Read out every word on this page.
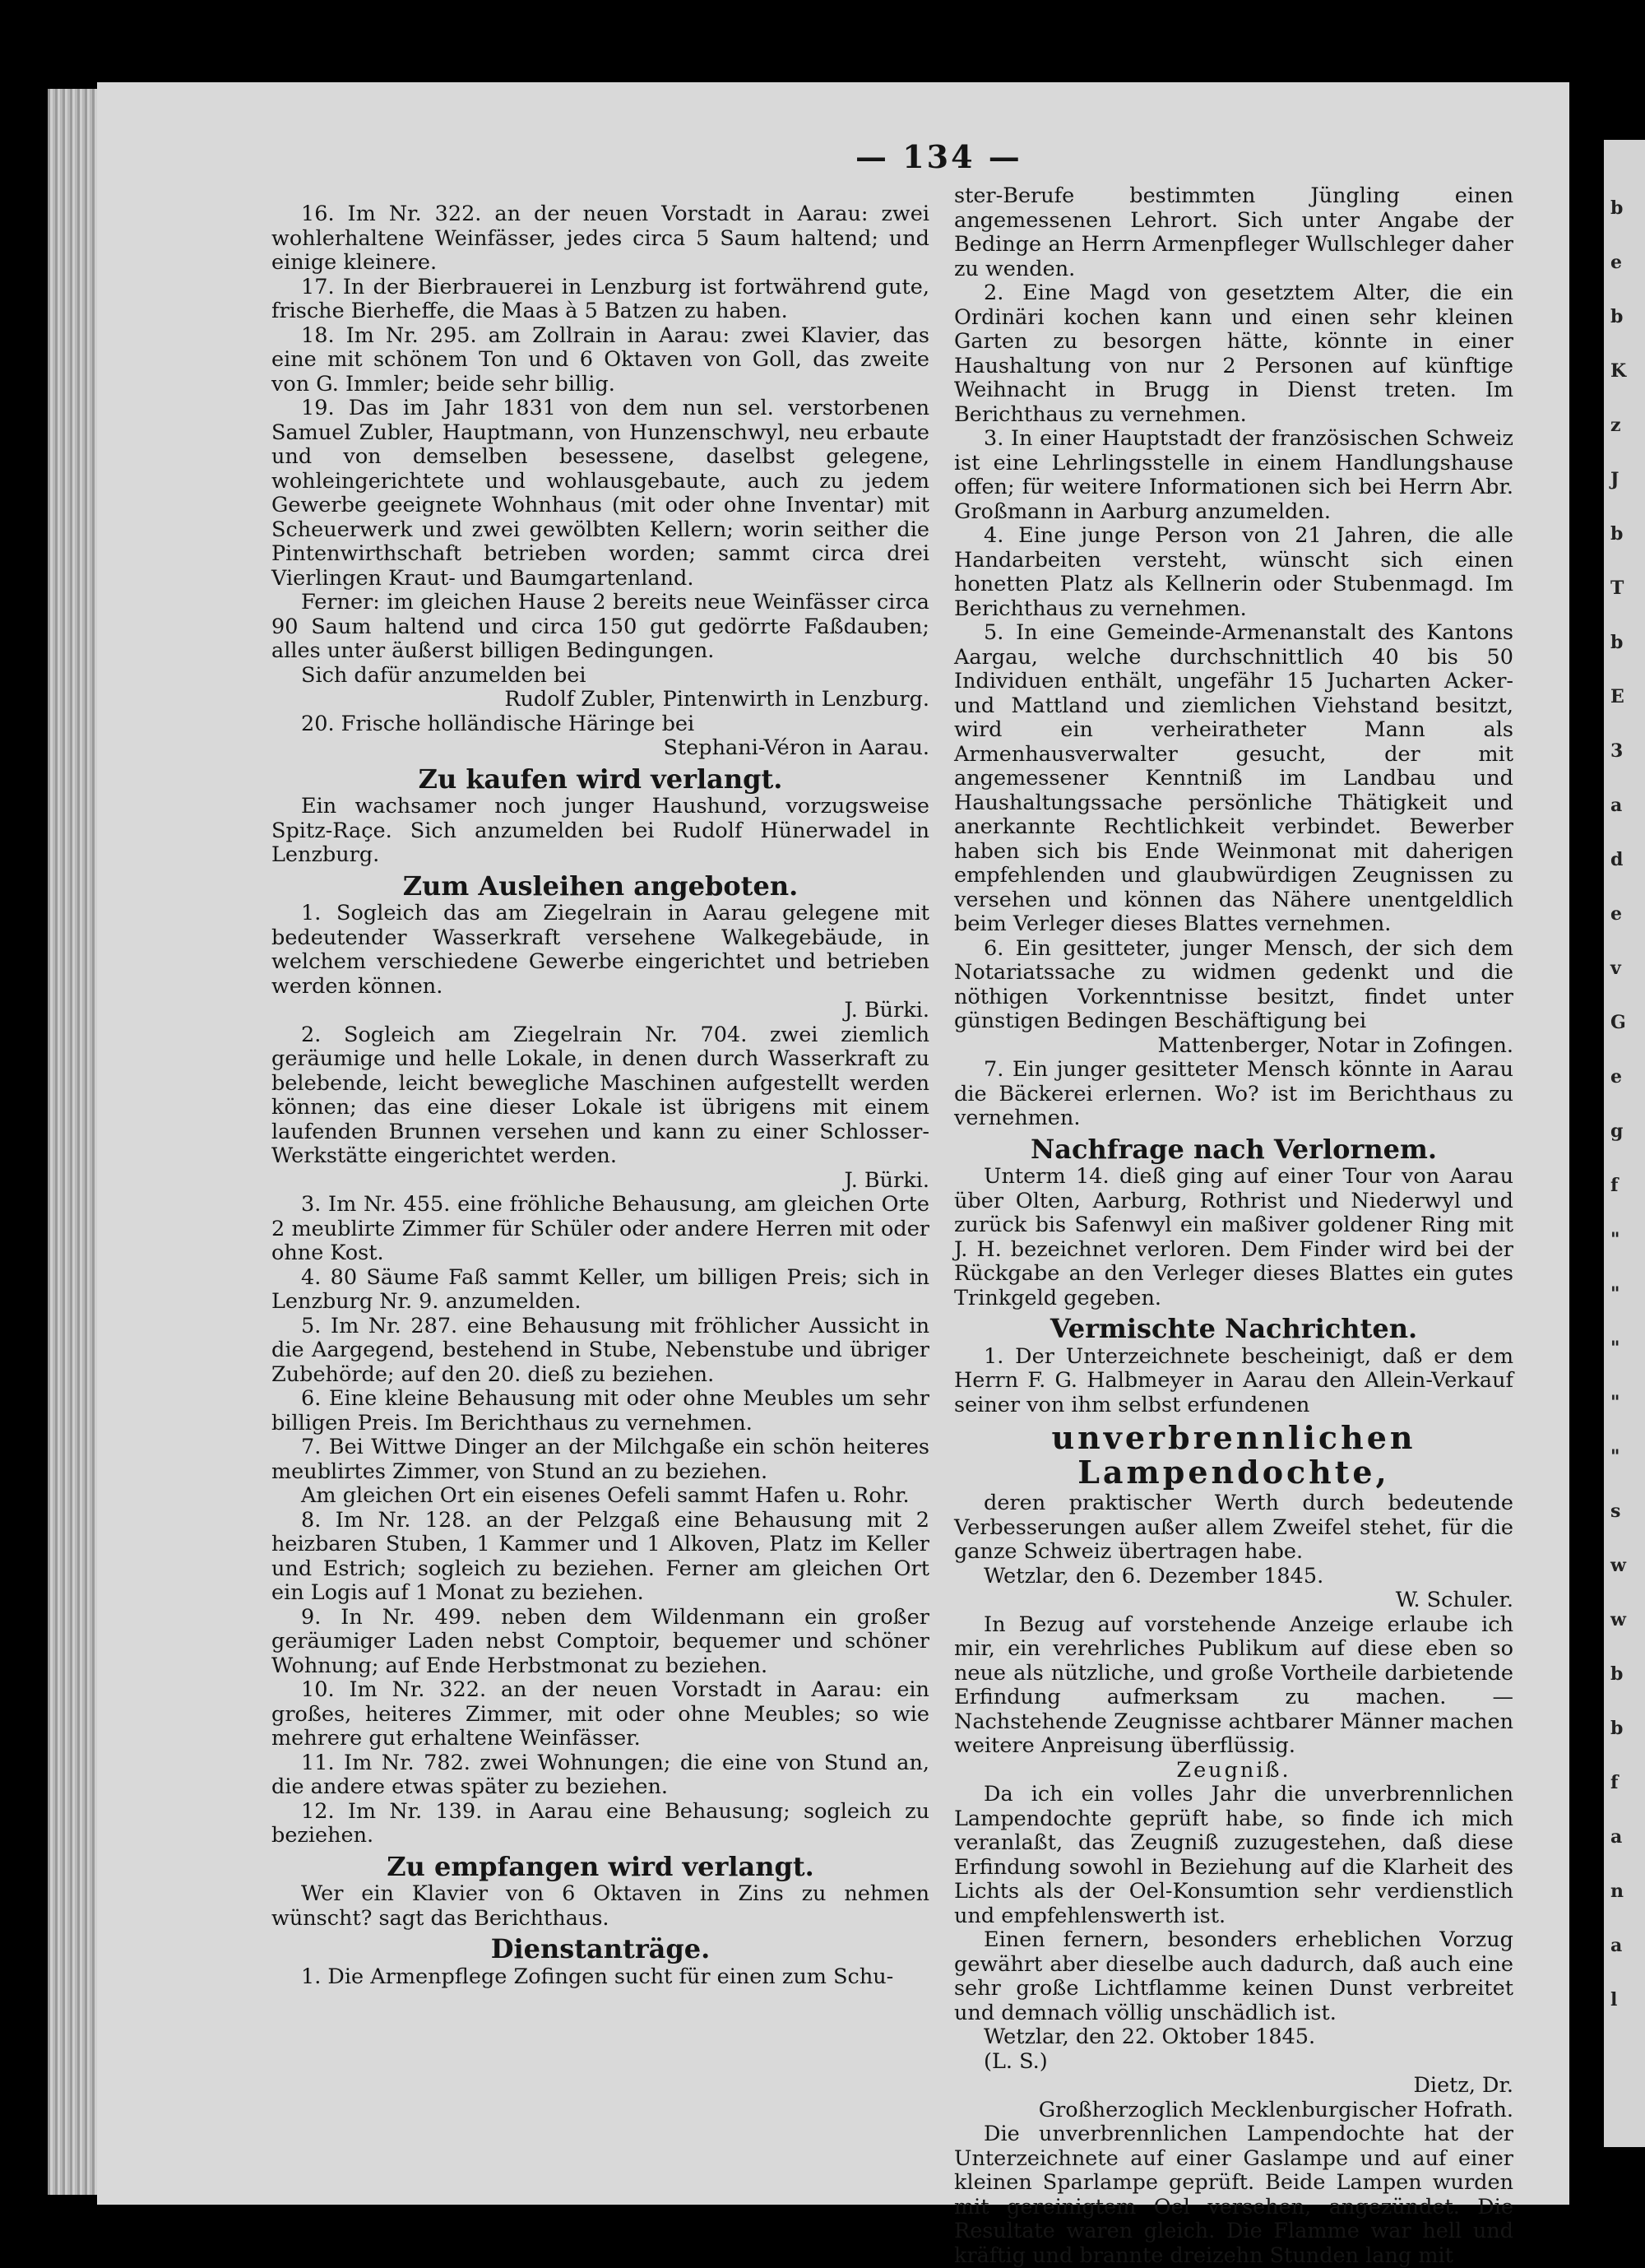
b
e
b
K
z
J
b
T
b
E
3
a
d
e
v
G
e
g
f
"
"
"
"
"
s
w
w
b
b
f
a
n
a
l
— 134 —

16. Im Nr. 322. an der neuen Vorstadt in Aarau: zwei wohlerhaltene Weinfässer, jedes circa 5 Saum haltend; und einige kleinere.

17. In der Bierbrauerei in Lenzburg ist fortwährend gute, frische Bierheffe, die Maas à 5 Batzen zu haben.

18. Im Nr. 295. am Zollrain in Aarau: zwei Klavier, das eine mit schönem Ton und 6 Oktaven von Goll, das zweite von G. Immler; beide sehr billig.

19. Das im Jahr 1831 von dem nun sel. verstorbenen Samuel Zubler, Hauptmann, von Hunzenschwyl, neu erbaute und von demselben besessene, daselbst gelegene, wohleingerichtete und wohlausgebaute, auch zu jedem Gewerbe geeignete Wohnhaus (mit oder ohne Inventar) mit Scheuerwerk und zwei gewölbten Kellern; worin seither die Pintenwirthschaft betrieben worden; sammt circa drei Vierlingen Kraut- und Baumgartenland.

Ferner: im gleichen Hause 2 bereits neue Weinfässer circa 90 Saum haltend und circa 150 gut gedörrte Faßdauben; alles unter äußerst billigen Bedingungen.

Sich dafür anzumelden bei

Rudolf Zubler, Pintenwirth in Lenzburg.

20. Frische holländische Häringe bei

Stephani-Véron in Aarau.

Zu kaufen wird verlangt.

Ein wachsamer noch junger Haushund, vorzugsweise Spitz-Raçe. Sich anzumelden bei Rudolf Hünerwadel in Lenzburg.

Zum Ausleihen angeboten.

1. Sogleich das am Ziegelrain in Aarau gelegene mit bedeutender Wasserkraft versehene Walkegebäude, in welchem verschiedene Gewerbe eingerichtet und betrieben werden können.

J. Bürki.

2. Sogleich am Ziegelrain Nr. 704. zwei ziemlich geräumige und helle Lokale, in denen durch Wasserkraft zu belebende, leicht bewegliche Maschinen aufgestellt werden können; das eine dieser Lokale ist übrigens mit einem laufenden Brunnen versehen und kann zu einer Schlosser-Werkstätte eingerichtet werden.

J. Bürki.

3. Im Nr. 455. eine fröhliche Behausung, am gleichen Orte 2 meublirte Zimmer für Schüler oder andere Herren mit oder ohne Kost.

4. 80 Säume Faß sammt Keller, um billigen Preis; sich in Lenzburg Nr. 9. anzumelden.

5. Im Nr. 287. eine Behausung mit fröhlicher Aussicht in die Aargegend, bestehend in Stube, Nebenstube und übriger Zubehörde; auf den 20. dieß zu beziehen.

6. Eine kleine Behausung mit oder ohne Meubles um sehr billigen Preis. Im Berichthaus zu vernehmen.

7. Bei Wittwe Dinger an der Milchgaße ein schön heiteres meublirtes Zimmer, von Stund an zu beziehen.

Am gleichen Ort ein eisenes Oefeli sammt Hafen u. Rohr.

8. Im Nr. 128. an der Pelzgaß eine Behausung mit 2 heizbaren Stuben, 1 Kammer und 1 Alkoven, Platz im Keller und Estrich; sogleich zu beziehen. Ferner am gleichen Ort ein Logis auf 1 Monat zu beziehen.

9. In Nr. 499. neben dem Wildenmann ein großer geräumiger Laden nebst Comptoir, bequemer und schöner Wohnung; auf Ende Herbstmonat zu beziehen.

10. Im Nr. 322. an der neuen Vorstadt in Aarau: ein großes, heiteres Zimmer, mit oder ohne Meubles; so wie mehrere gut erhaltene Weinfässer.

11. Im Nr. 782. zwei Wohnungen; die eine von Stund an, die andere etwas später zu beziehen.

12. Im Nr. 139. in Aarau eine Behausung; sogleich zu beziehen.

Zu empfangen wird verlangt.

Wer ein Klavier von 6 Oktaven in Zins zu nehmen wünscht? sagt das Berichthaus.

Dienstanträge.

1. Die Armenpflege Zofingen sucht für einen zum Schu-

ster-Berufe bestimmten Jüngling einen angemessenen Lehrort. Sich unter Angabe der Bedinge an Herrn Armenpfleger Wullschleger daher zu wenden.

2. Eine Magd von gesetztem Alter, die ein Ordinäri kochen kann und einen sehr kleinen Garten zu besorgen hätte, könnte in einer Haushaltung von nur 2 Personen auf künftige Weihnacht in Brugg in Dienst treten. Im Berichthaus zu vernehmen.

3. In einer Hauptstadt der französischen Schweiz ist eine Lehrlingsstelle in einem Handlungshause offen; für weitere Informationen sich bei Herrn Abr. Großmann in Aarburg anzumelden.

4. Eine junge Person von 21 Jahren, die alle Handarbeiten versteht, wünscht sich einen honetten Platz als Kellnerin oder Stubenmagd. Im Berichthaus zu vernehmen.

5. In eine Gemeinde-Armenanstalt des Kantons Aargau, welche durchschnittlich 40 bis 50 Individuen enthält, ungefähr 15 Jucharten Acker- und Mattland und ziemlichen Viehstand besitzt, wird ein verheiratheter Mann als Armenhausverwalter gesucht, der mit angemessener Kenntniß im Landbau und Haushaltungssache persönliche Thätigkeit und anerkannte Rechtlichkeit verbindet. Bewerber haben sich bis Ende Weinmonat mit daherigen empfehlenden und glaubwürdigen Zeugnissen zu versehen und können das Nähere unentgeldlich beim Verleger dieses Blattes vernehmen.

6. Ein gesitteter, junger Mensch, der sich dem Notariatssache zu widmen gedenkt und die nöthigen Vorkenntnisse besitzt, findet unter günstigen Bedingen Beschäftigung bei

Mattenberger, Notar in Zofingen.

7. Ein junger gesitteter Mensch könnte in Aarau die Bäckerei erlernen. Wo? ist im Berichthaus zu vernehmen.

Nachfrage nach Verlornem.

Unterm 14. dieß ging auf einer Tour von Aarau über Olten, Aarburg, Rothrist und Niederwyl und zurück bis Safenwyl ein maßiver goldener Ring mit J. H. bezeichnet verloren. Dem Finder wird bei der Rückgabe an den Verleger dieses Blattes ein gutes Trinkgeld gegeben.

Vermischte Nachrichten.

1. Der Unterzeichnete bescheinigt, daß er dem Herrn F. G. Halbmeyer in Aarau den Allein-Verkauf seiner von ihm selbst erfundenen

unverbrennlichen Lampendochte,

deren praktischer Werth durch bedeutende Verbesserungen außer allem Zweifel stehet, für die ganze Schweiz übertragen habe.

Wetzlar, den 6. Dezember 1845.

W. Schuler.

In Bezug auf vorstehende Anzeige erlaube ich mir, ein verehrliches Publikum auf diese eben so neue als nützliche, und große Vortheile darbietende Erfindung aufmerksam zu machen. — Nachstehende Zeugnisse achtbarer Männer machen weitere Anpreisung überflüssig.

Zeugniß.

Da ich ein volles Jahr die unverbrennlichen Lampendochte geprüft habe, so finde ich mich veranlaßt, das Zeugniß zuzugestehen, daß diese Erfindung sowohl in Beziehung auf die Klarheit des Lichts als der Oel-Konsumtion sehr verdienstlich und empfehlenswerth ist.

Einen fernern, besonders erheblichen Vorzug gewährt aber dieselbe auch dadurch, daß auch eine sehr große Lichtflamme keinen Dunst verbreitet und demnach völlig unschädlich ist.

Wetzlar, den 22. Oktober 1845.

(L. S.)

Dietz, Dr.

Großherzoglich Mecklenburgischer Hofrath.

Die unverbrennlichen Lampendochte hat der Unterzeichnete auf einer Gaslampe und auf einer kleinen Sparlampe geprüft. Beide Lampen wurden mit gereinigtem Oel versehen, angezündet. Die Resultate waren gleich. Die Flamme war hell und kräftig und brannte dreizehn Stunden lang mit
